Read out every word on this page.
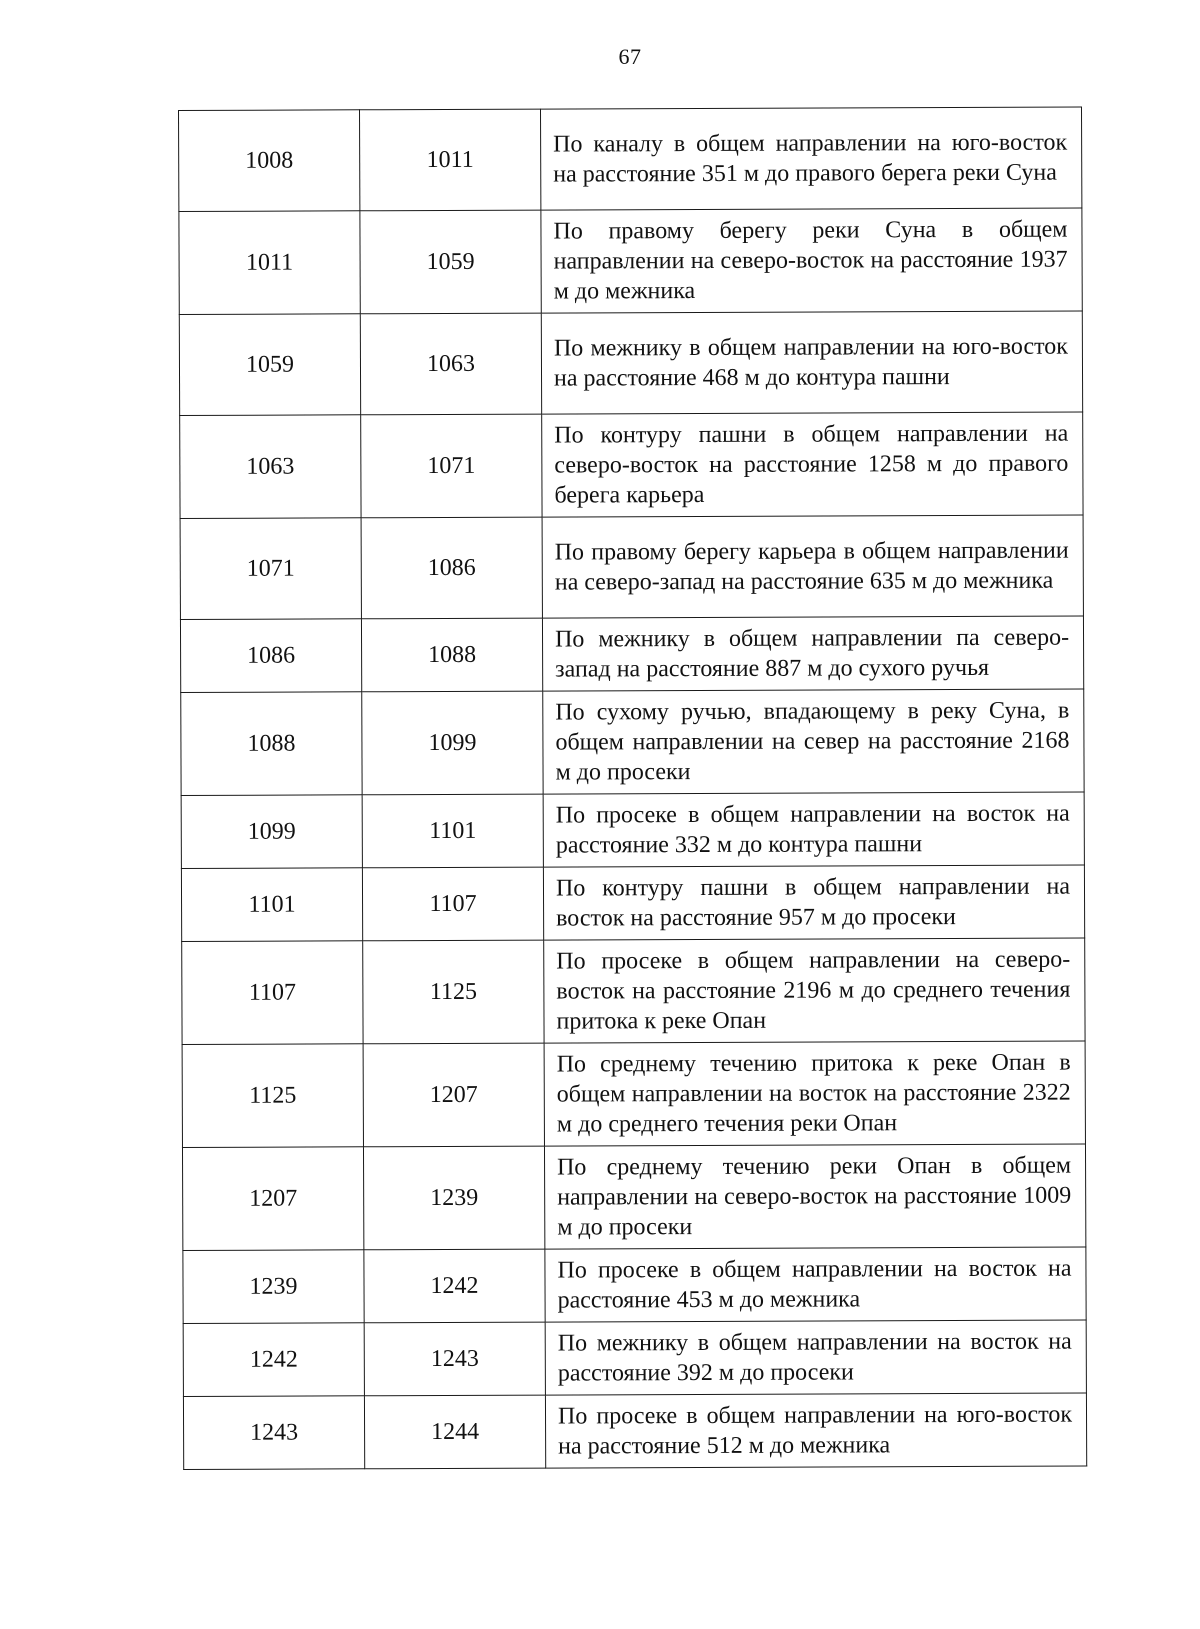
67
1008	1011	По каналу в общем направлении на юго-восток на расстояние 351 м до правого берега реки Суна
1011	1059	По правому берегу реки Суна в общем направлении на северо-восток на расстояние 1937 м до межника
1059	1063	По межнику в общем направлении на юго-восток на расстояние 468 м до контура пашни
1063	1071	По контуру пашни в общем направлении на северо-восток на расстояние 1258 м до правого берега карьера
1071	1086	По правому берегу карьера в общем направлении на северо-запад на расстояние 635 м до межника
1086	1088	По межнику в общем направлении па северо-запад на расстояние 887 м до сухого ручья
1088	1099	По сухому ручью, впадающему в реку Суна, в общем направлении на север на расстояние 2168 м до просеки
1099	1101	По просеке в общем направлении на восток на расстояние 332 м до контура пашни
1101	1107	По контуру пашни в общем направлении на восток на расстояние 957 м до просеки
1107	1125	По просеке в общем направлении на северо-восток на расстояние 2196 м до среднего течения притока к реке Опан
1125	1207	По среднему течению притока к реке Опан в общем направлении на восток на расстояние 2322 м до среднего течения реки Опан
1207	1239	По среднему течению реки Опан в общем направлении на северо-восток на расстояние 1009 м до просеки
1239	1242	По просеке в общем направлении на восток на расстояние 453 м до межника
1242	1243	По межнику в общем направлении на восток на расстояние 392 м до просеки
1243	1244	По просеке в общем направлении на юго-восток на расстояние 512 м до межника
